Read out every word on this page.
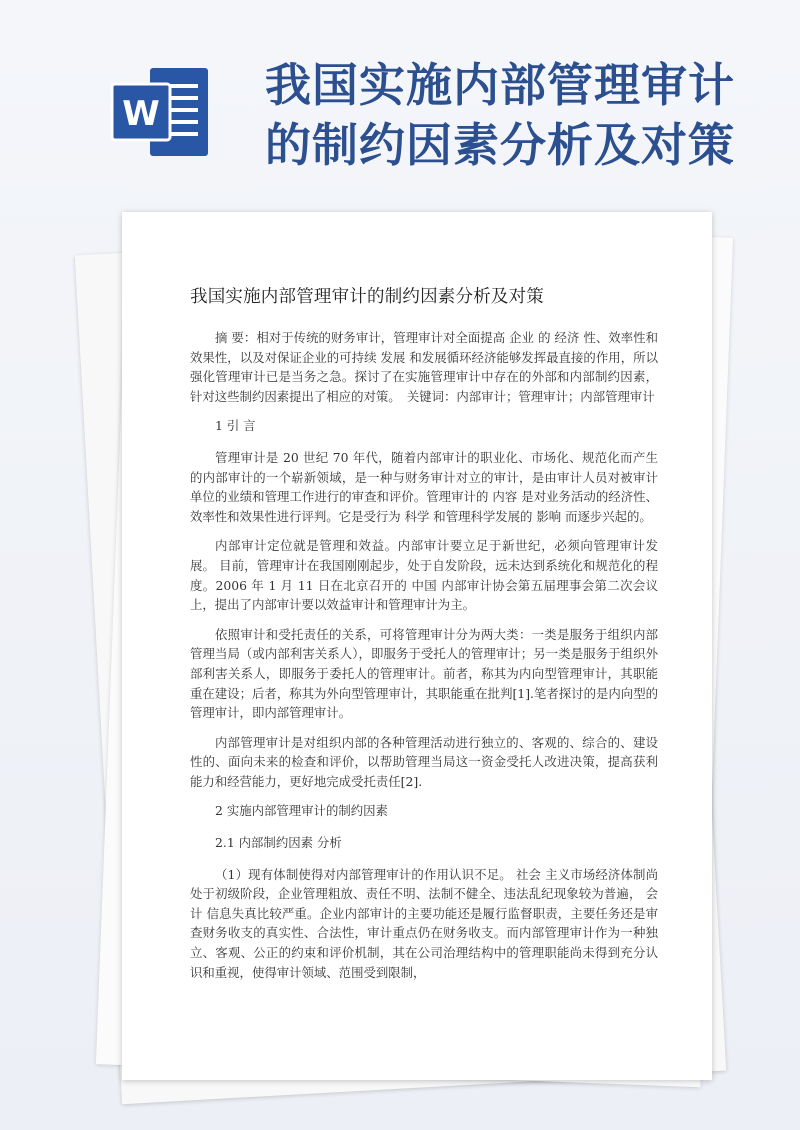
W
我国实施内部管理审计
的制约因素分析及对策
我国实施内部管理审计的制约因素分析及对策

摘 要：相对于传统的财务审计，管理审计对全面提高 企业 的 经济 性、效率性和效果性，以及对保证企业的可持续 发展 和发展循环经济能够发挥最直接的作用，所以强化管理审计已是当务之急。探讨了在实施管理审计中存在的外部和内部制约因素，针对这些制约因素提出了相应的对策。　关键词：内部审计；管理审计；内部管理审计

1 引 言

管理审计是 20 世纪 70 年代，随着内部审计的职业化、市场化、规范化而产生的内部审计的一个崭新领域，是一种与财务审计对立的审计，是由审计人员对被审计单位的业绩和管理工作进行的审查和评价。管理审计的 内容 是对业务活动的经济性、效率性和效果性进行评判。它是受行为 科学 和管理科学发展的 影响 而逐步兴起的。

内部审计定位就是管理和效益。内部审计要立足于新世纪，必须向管理审计发展。 目前，管理审计在我国刚刚起步，处于自发阶段，远未达到系统化和规范化的程度。2006 年 1 月 11 日在北京召开的 中国 内部审计协会第五届理事会第二次会议上，提出了内部审计要以效益审计和管理审计为主。

依照审计和受托责任的关系，可将管理审计分为两大类：一类是服务于组织内部管理当局（或内部利害关系人），即服务于受托人的管理审计；另一类是服务于组织外部利害关系人，即服务于委托人的管理审计。前者，称其为内向型管理审计，其职能重在建设；后者，称其为外向型管理审计，其职能重在批判[1].笔者探讨的是内向型的管理审计，即内部管理审计。

内部管理审计是对组织内部的各种管理活动进行独立的、客观的、综合的、建设性的、面向未来的检查和评价，以帮助管理当局这一资金受托人改进决策，提高获利能力和经营能力，更好地完成受托责任[2].

2 实施内部管理审计的制约因素

2.1 内部制约因素 分析

（1）现有体制使得对内部管理审计的作用认识不足。 社会 主义市场经济体制尚处于初级阶段，企业管理粗放、责任不明、法制不健全、违法乱纪现象较为普遍， 会计 信息失真比较严重。企业内部审计的主要功能还是履行监督职责，主要任务还是审查财务收支的真实性、合法性，审计重点仍在财务收支。而内部管理审计作为一种独立、客观、公正的约束和评价机制，其在公司治理结构中的管理职能尚未得到充分认识和重视，使得审计领域、范围受到限制，
